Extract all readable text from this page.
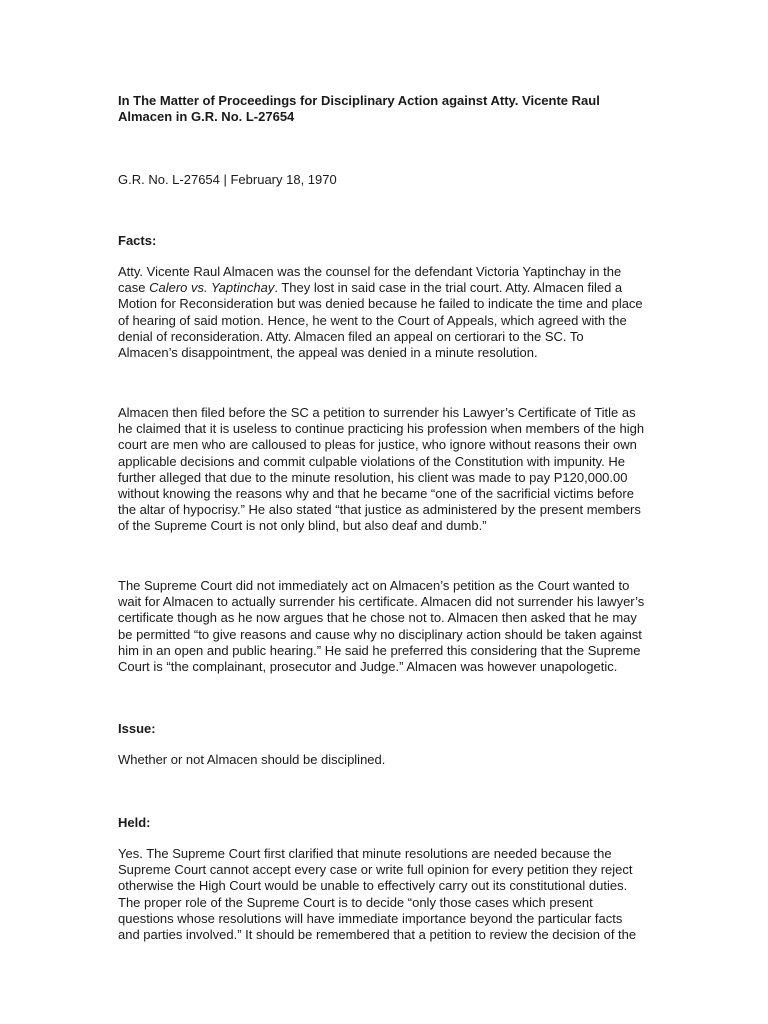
In The Matter of Proceedings for Disciplinary Action against Atty. Vicente Raul
Almacen in G.R. No. L-27654

G.R. No. L-27654 | February 18, 1970

Facts:
Atty. Vicente Raul Almacen was the counsel for the defendant Victoria Yaptinchay in the
case Calero vs. Yaptinchay. They lost in said case in the trial court. Atty. Almacen filed a
Motion for Reconsideration but was denied because he failed to indicate the time and place
of hearing of said motion. Hence, he went to the Court of Appeals, which agreed with the
denial of reconsideration. Atty. Almacen filed an appeal on certiorari to the SC. To
Almacen’s disappointment, the appeal was denied in a minute resolution.
Almacen then filed before the SC a petition to surrender his Lawyer’s Certificate of Title as
he claimed that it is useless to continue practicing his profession when members of the high
court are men who are calloused to pleas for justice, who ignore without reasons their own
applicable decisions and commit culpable violations of the Constitution with impunity. He
further alleged that due to the minute resolution, his client was made to pay P120,000.00
without knowing the reasons why and that he became “one of the sacrificial victims before
the altar of hypocrisy.” He also stated “that justice as administered by the present members
of the Supreme Court is not only blind, but also deaf and dumb.”
The Supreme Court did not immediately act on Almacen’s petition as the Court wanted to
wait for Almacen to actually surrender his certificate. Almacen did not surrender his lawyer’s
certificate though as he now argues that he chose not to. Almacen then asked that he may
be permitted “to give reasons and cause why no disciplinary action should be taken against
him in an open and public hearing.” He said he preferred this considering that the Supreme
Court is “the complainant, prosecutor and Judge.” Almacen was however unapologetic.
Issue:

Whether or not Almacen should be disciplined.

Held:
Yes. The Supreme Court first clarified that minute resolutions are needed because the
Supreme Court cannot accept every case or write full opinion for every petition they reject
otherwise the High Court would be unable to effectively carry out its constitutional duties.
The proper role of the Supreme Court is to decide “only those cases which present
questions whose resolutions will have immediate importance beyond the particular facts
and parties involved.” It should be remembered that a petition to review the decision of the
